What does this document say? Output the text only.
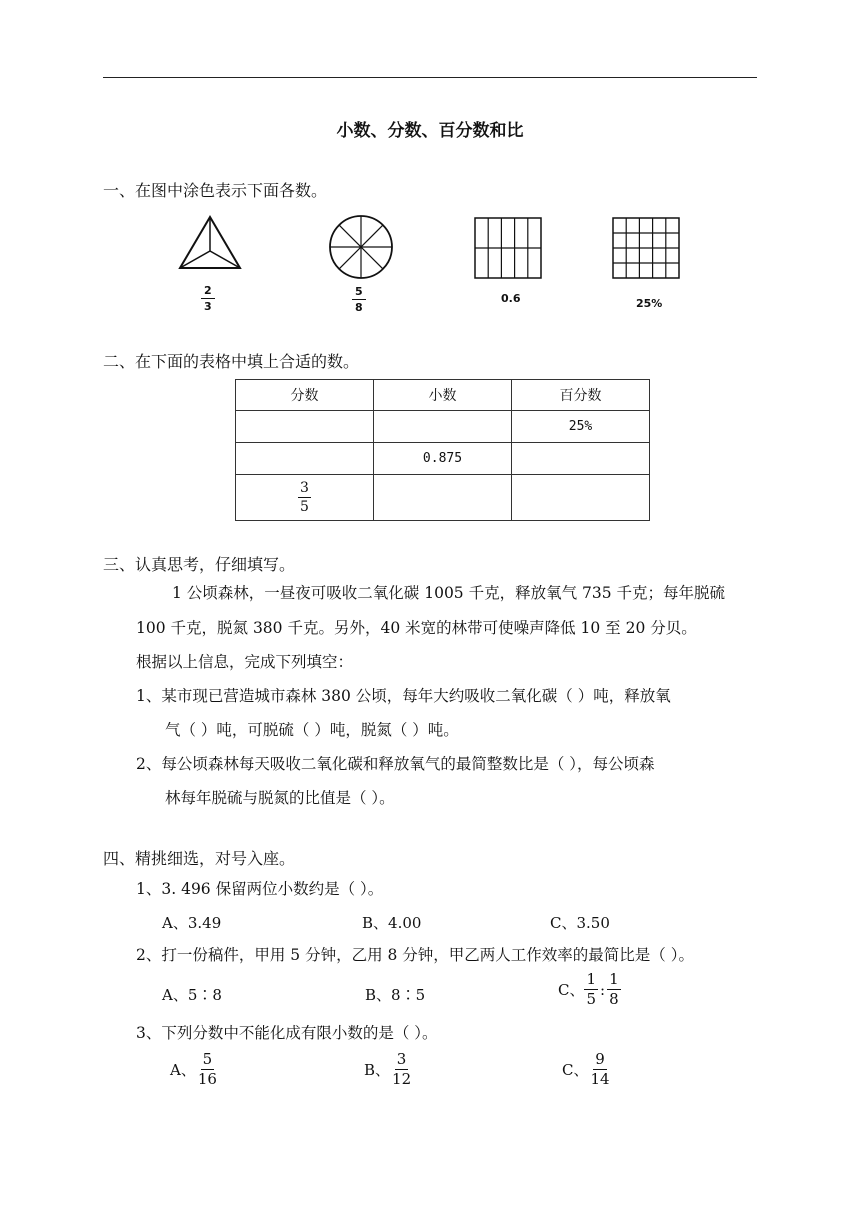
小数、分数、百分数和比
一、在图中涂色表示下面各数。
2
3
5
8
0.6	25%
二、在下面的表格中填上合适的数。
分数	小数	百分数
		25%
	0.875	

$\frac{3}{5}$

三、认真思考，仔细填写。
1 公顷森林，一昼夜可吸收二氧化碳 1005 千克，释放氧气 735 千克；每年脱硫
100 千克，脱氮 380 千克。另外，40 米宽的林带可使噪声降低 10 至 20 分贝。
根据以上信息，完成下列填空：
1、某市现已营造城市森林 380 公顷，每年大约吸收二氧化碳（ ）吨，释放氧
气（ ）吨，可脱硫（ ）吨，脱氮（ ）吨。
2、每公顷森林每天吸收二氧化碳和释放氧气的最简整数比是（ ），每公顷森
林每年脱硫与脱氮的比值是（ ）。
四、精挑细选，对号入座。
1、3. 496 保留两位小数约是（ ）。
A、3.49	B、4.00	C、3.50
2、打一份稿件，甲用 5 分钟，乙用 8 分钟，甲乙两人工作效率的最简比是（ ）。
A、5∶8	B、8∶5	C、 $\frac{1}{5}$ : $\frac{1}{8}$
3、下列分数中不能化成有限小数的是（ ）。
A、 $\frac{5}{16}$	B、 $\frac{3}{12}$	C、 $\frac{9}{14}$
